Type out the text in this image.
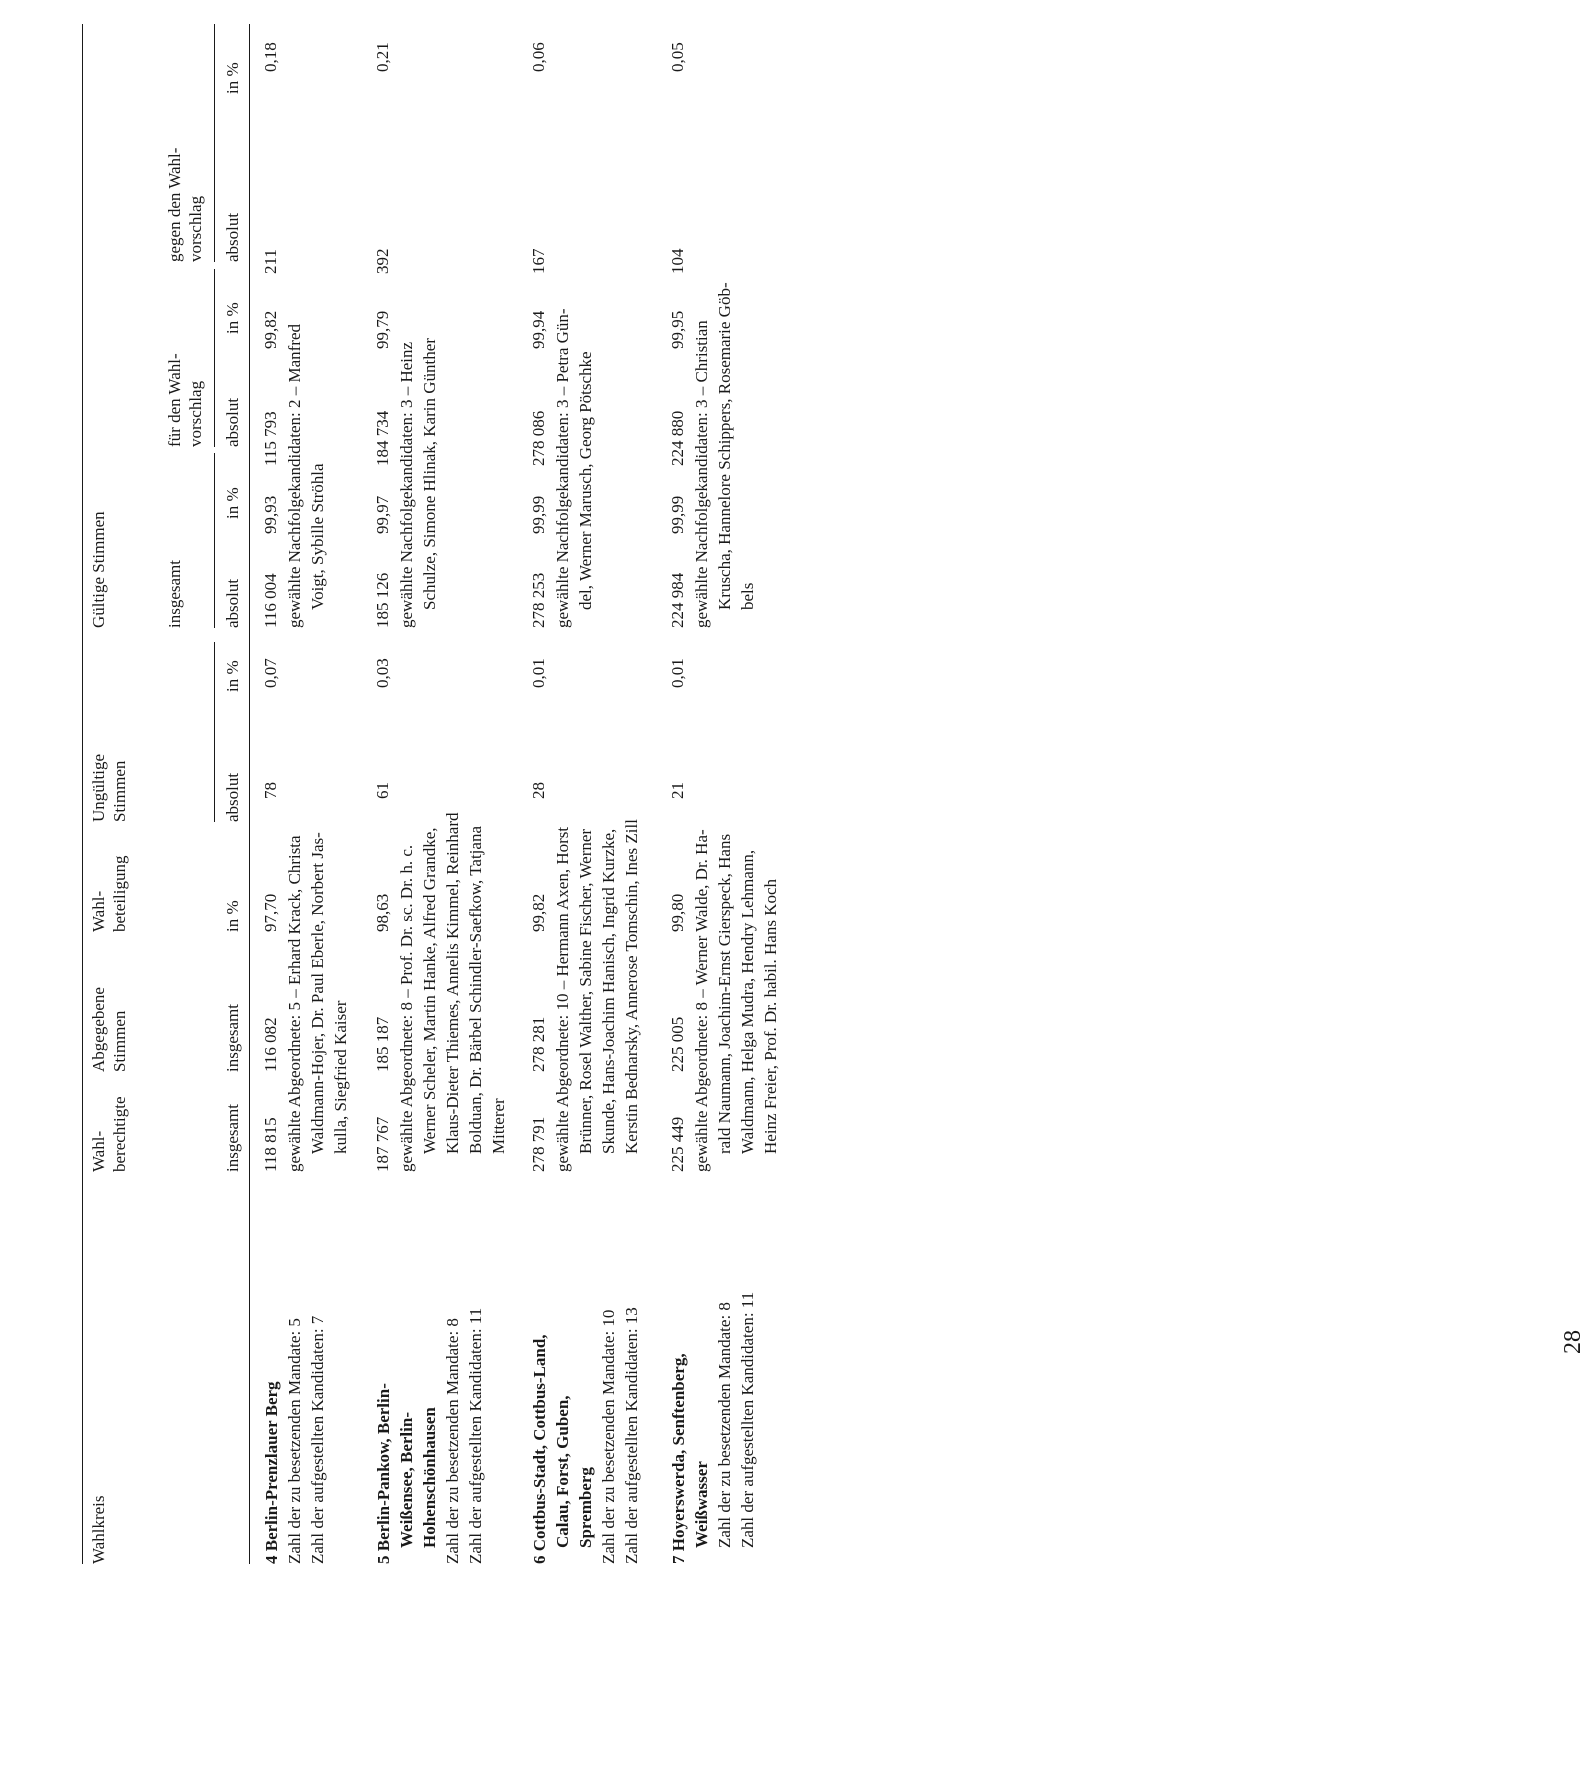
Wahlkreis
Wahl- berechtigte
Abgegebene Stimmen
Wahl- beteiligung
Ungültige Stimmen
Gültige Stimmen	insgesamt
für den Wahl- vorschlag
gegen den Wahl- vorschlag
insgesamt
insgesamt
in %
absolut
in %
absolut
in %
absolut
in %
absolut
in %
4 Berlin-Prenzlauer Berg Zahl der zu besetzenden Mandate: 5 Zahl der aufgestellten Kandidaten: 7
118 815
116 082
97,70
78
0,07
116 004
99,93
115 793
99,82
211
0,18
gewählte Abgeordnete: 5 – Erhard Krack, Christa Waldmann-Hojer, Dr. Paul Eberle, Norbert Jas- kulla, Siegfried Kaiser
gewählte Nachfolgekandidaten: 2 – Manfred Voigt, Sybille Ströhla
5 Berlin-Pankow, Berlin- Weißensee, Berlin- Hohenschönhausen Zahl der zu besetzenden Mandate: 8 Zahl der aufgestellten Kandidaten: 11
187 767
185 187
98,63
61
0,03
185 126
99,97
184 734
99,79
392
0,21
gewählte Abgeordnete: 8 – Prof. Dr. sc. Dr. h. c. Werner Scheler, Martin Hanke, Alfred Grandke, Klaus-Dieter Thiemes, Annelis Kimmel, Reinhard Bolduan, Dr. Bärbel Schindler-Saefkow, Tatjana Mitterer
gewählte Nachfolgekandidaten: 3 – Heinz Schulze, Simone Hlinak, Karin Günther
6 Cottbus-Stadt, Cottbus-Land, Calau, Forst, Guben, Spremberg Zahl der zu besetzenden Mandate: 10 Zahl der aufgestellten Kandidaten: 13
278 791
278 281
99,82
28
0,01
278 253
99,99
278 086
99,94
167
0,06
gewählte Abgeordnete: 10 – Hermann Axen, Horst Brünner, Rosel Walther, Sabine Fischer, Werner Skunde, Hans-Joachim Hanisch, Ingrid Kurzke, Kerstin Bednarsky, Annerose Tomschin, Ines Zill
gewählte Nachfolgekandidaten: 3 – Petra Gün- del, Werner Marusch, Georg Pötschke
7 Hoyerswerda, Senftenberg, Weißwasser Zahl der zu besetzenden Mandate: 8 Zahl der aufgestellten Kandidaten: 11
225 449
225 005
99,80
21
0,01
224 984
99,99
224 880
99,95
104
0,05
gewählte Abgeordnete: 8 – Werner Walde, Dr. Ha- rald Naumann, Joachim-Ernst Gierspeck, Hans Waldmann, Helga Mudra, Hendry Lehmann, Heinz Freier, Prof. Dr. habil. Hans Koch
gewählte Nachfolgekandidaten: 3 – Christian Kruscha, Hannelore Schippers, Rosemarie Göb- bels
28
